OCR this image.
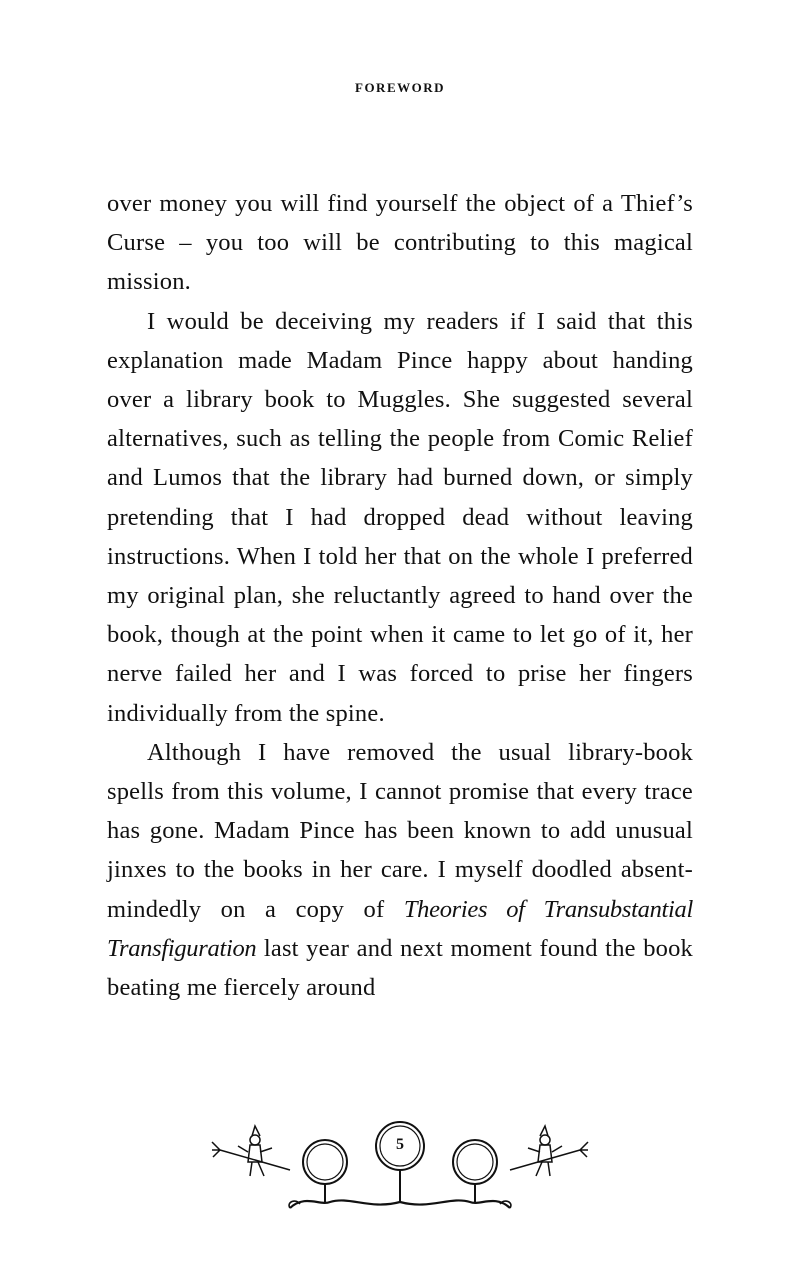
FOREWORD

over money you will find yourself the object of a Thief’s Curse – you too will be contributing to this magical mission.

I would be deceiving my readers if I said that this explanation made Madam Pince happy about handing over a library book to Muggles. She suggested several alternatives, such as telling the people from Comic Relief and Lumos that the library had burned down, or simply pretending that I had dropped dead without leaving instructions. When I told her that on the whole I preferred my original plan, she reluctantly agreed to hand over the book, though at the point when it came to let go of it, her nerve failed her and I was forced to prise her fingers individually from the spine.

Although I have removed the usual library-book spells from this volume, I cannot promise that every trace has gone. Madam Pince has been known to add unusual jinxes to the books in her care. I myself doodled absent-mindedly on a copy of Theories of Transubstantial Transfiguration last year and next moment found the book beating me fiercely around

5
